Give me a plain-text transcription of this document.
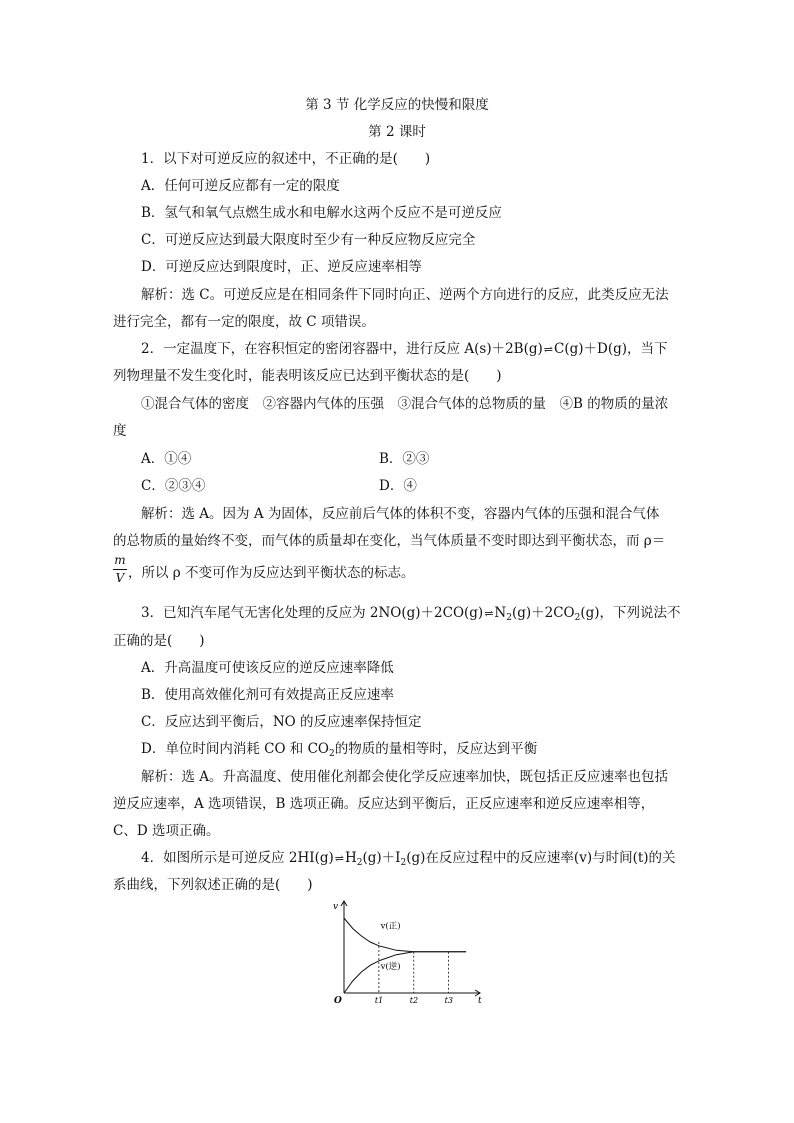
第 3 节 化学反应的快慢和限度
第 2 课时
1．以下对可逆反应的叙述中，不正确的是(　　)
A．任何可逆反应都有一定的限度
B．氢气和氧气点燃生成水和电解水这两个反应不是可逆反应
C．可逆反应达到最大限度时至少有一种反应物反应完全
D．可逆反应达到限度时，正、逆反应速率相等
解析：选 C。可逆反应是在相同条件下同时向正、逆两个方向进行的反应，此类反应无法
进行完全，都有一定的限度，故 C 项错误。
2．一定温度下，在容积恒定的密闭容器中，进行反应 A(s)＋2B(g)⇌C(g)＋D(g)，当下
列物理量不发生变化时，能表明该反应已达到平衡状态的是(　　)
①混合气体的密度　②容器内气体的压强　③混合气体的总物质的量　④B 的物质的量浓
度
A．①④	B．②③
C．②③④	D．④
解析：选 A。因为 A 为固体，反应前后气体的体积不变，容器内气体的压强和混合气体
的总物质的量始终不变，而气体的质量却在变化，当气体质量不变时即达到平衡状态，而 ρ＝
m
V ，所以 ρ 不变可作为反应达到平衡状态的标志。
3．已知汽车尾气无害化处理的反应为 $2NO(g)+2CO(g)\rightleftharpoons N_2(g)+2CO_2(g)$，下列说法不
正确的是(　　)
A．升高温度可使该反应的逆反应速率降低
B．使用高效催化剂可有效提高正反应速率
C．反应达到平衡后，NO 的反应速率保持恒定
D．单位时间内消耗 CO 和 $CO_2$的物质的量相等时，反应达到平衡
解析：选 A。升高温度、使用催化剂都会使化学反应速率加快，既包括正反应速率也包括
逆反应速率，A 选项错误，B 选项正确。反应达到平衡后，正反应速率和逆反应速率相等，
C、D 选项正确。
4．如图所示是可逆反应 $2HI(g)\rightleftharpoons H_2(g)+I_2(g)$在反应过程中的反应速率(v)与时间(t)的关
系曲线，下列叙述正确的是(　　)
v
t
O
v(正)
v(逆)
t1	t2	t3
